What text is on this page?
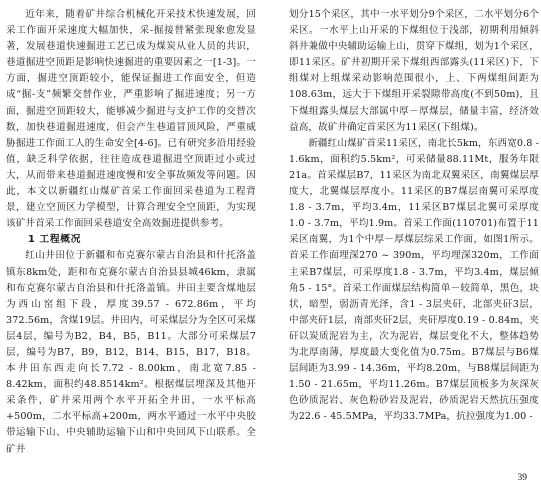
近年来，随着矿井综合机械化开采技术快速发展，回采工作面开采速度大幅加快，采-掘接替紧张现象愈发显著，发展巷道快速掘进工艺已成为煤炭从业人员的共识，巷道掘进空顶距是影响快速掘进的重要因素之一[1-3]。一方面，掘进空顶距较小，能保证掘进工作面安全，但造成“掘-支”频繁交替作业，严重影响了掘进速度；另一方面，掘进空顶距较大，能够减少掘进与支护工作的交替次数，加快巷道掘进速度，但会产生巷道冒顶风险，严重威胁掘进工作面工人的生命安全[4-6]。已有研究多沿用经验值，缺乏科学依据，往往造成巷道掘进空顶距过小或过大，从而带来巷道掘进速度慢和安全事故频发等问题。因此，本文以新疆红山煤矿首采工作面回采巷道为工程背景，建立空顶区力学模型，计算合理安全空顶距，为实现该矿井首采工作面回采巷道安全高效掘进提供参考。

1 工程概况

红山井田位于新疆和布克赛尔蒙古自治县和什托洛盖镇东8km处，距和布克赛尔蒙古自治县县城46km，隶属和布克赛尔蒙古自治县和什托洛盖镇。井田主要含煤地层为西山窑组下段，厚度39.57 - 672.86m，平均372.56m，含煤19层。井田内，可采煤层分为全区可采煤层4层，编号为B2，B4，B5，B11。大部分可采煤层7层，编号为B7，B9，B12，B14，B15，B17，B18。本井田东西走向长7.72 - 8.00km，南北宽7.85 - 8.42km，面积约48.8514km²。根据煤层埋深及其他开采条件，矿井采用两个水平开拓全井田，一水平标高+500m，二水平标高+200m，两水平通过一水平中央胶带运输下山、中央辅助运输下山和中央回风下山联系。全矿井

划分15个采区，其中一水平划分9个采区，二水平划分6个采区。一水平上山开采的下煤组位于浅部，初期利用倾斜斜井兼做中央辅助运输上山，贯穿下煤组，划为1个采区，即11采区。矿井初期开采下煤组西部露头(11采区)下，下组煤对上组煤采动影响范围很小，上、下两煤组间距为108.63m，远大于下煤组开采裂隙带高度(不到50m)，且下煤组露头煤层大部属中厚－厚煤层，储量丰富，经济效益高，故矿井确定首采区为11采区(下组煤)。

新疆红山煤矿首采11采区，南北长5km，东西宽0.8 - 1.6km，面积约5.5km²，可采储量88.11Mt，服务年限21a。首采煤层B7，11采区为南北双翼采区，南翼煤层厚度大，北翼煤层厚度小。11采区的B7煤层南翼可采厚度1.8 - 3.7m，平均3.4m，11采区B7煤层北翼可采厚度1.0 - 3.7m，平均1.9m。首采工作面(110701)布置于11采区南翼，为1个中厚－厚煤层综采工作面，如图1所示。首采工作面埋深270 ~ 390m，平均埋深320m，工作面主采B7煤层，可采厚度1.8 - 3.7m，平均3.4m，煤层倾角5 - 15°。首采工作面煤层结构简单－较简单，黑色，块状，暗型，弱沥青光泽，含1 - 3层夹矸，北部夹矸3层，中部夹矸1层，南部夹矸2层，夹矸厚度0.19 - 0.84m，夹矸以炭质泥岩为主，次为泥岩，煤层变化不大，整体趋势为北厚南薄，厚度最大变化值为0.75m。B7煤层与B6煤层间距为3.99 - 14.36m，平均8.20m，与B8煤层间距为1.50 - 21.65m，平均11.26m。B7煤层顶板多为灰深灰色砂质泥岩、灰色粉砂岩及泥岩，砂质泥岩天然抗压强度为22.6 - 45.5MPa，平均33.7MPa，抗拉强度为1.00 -

39
